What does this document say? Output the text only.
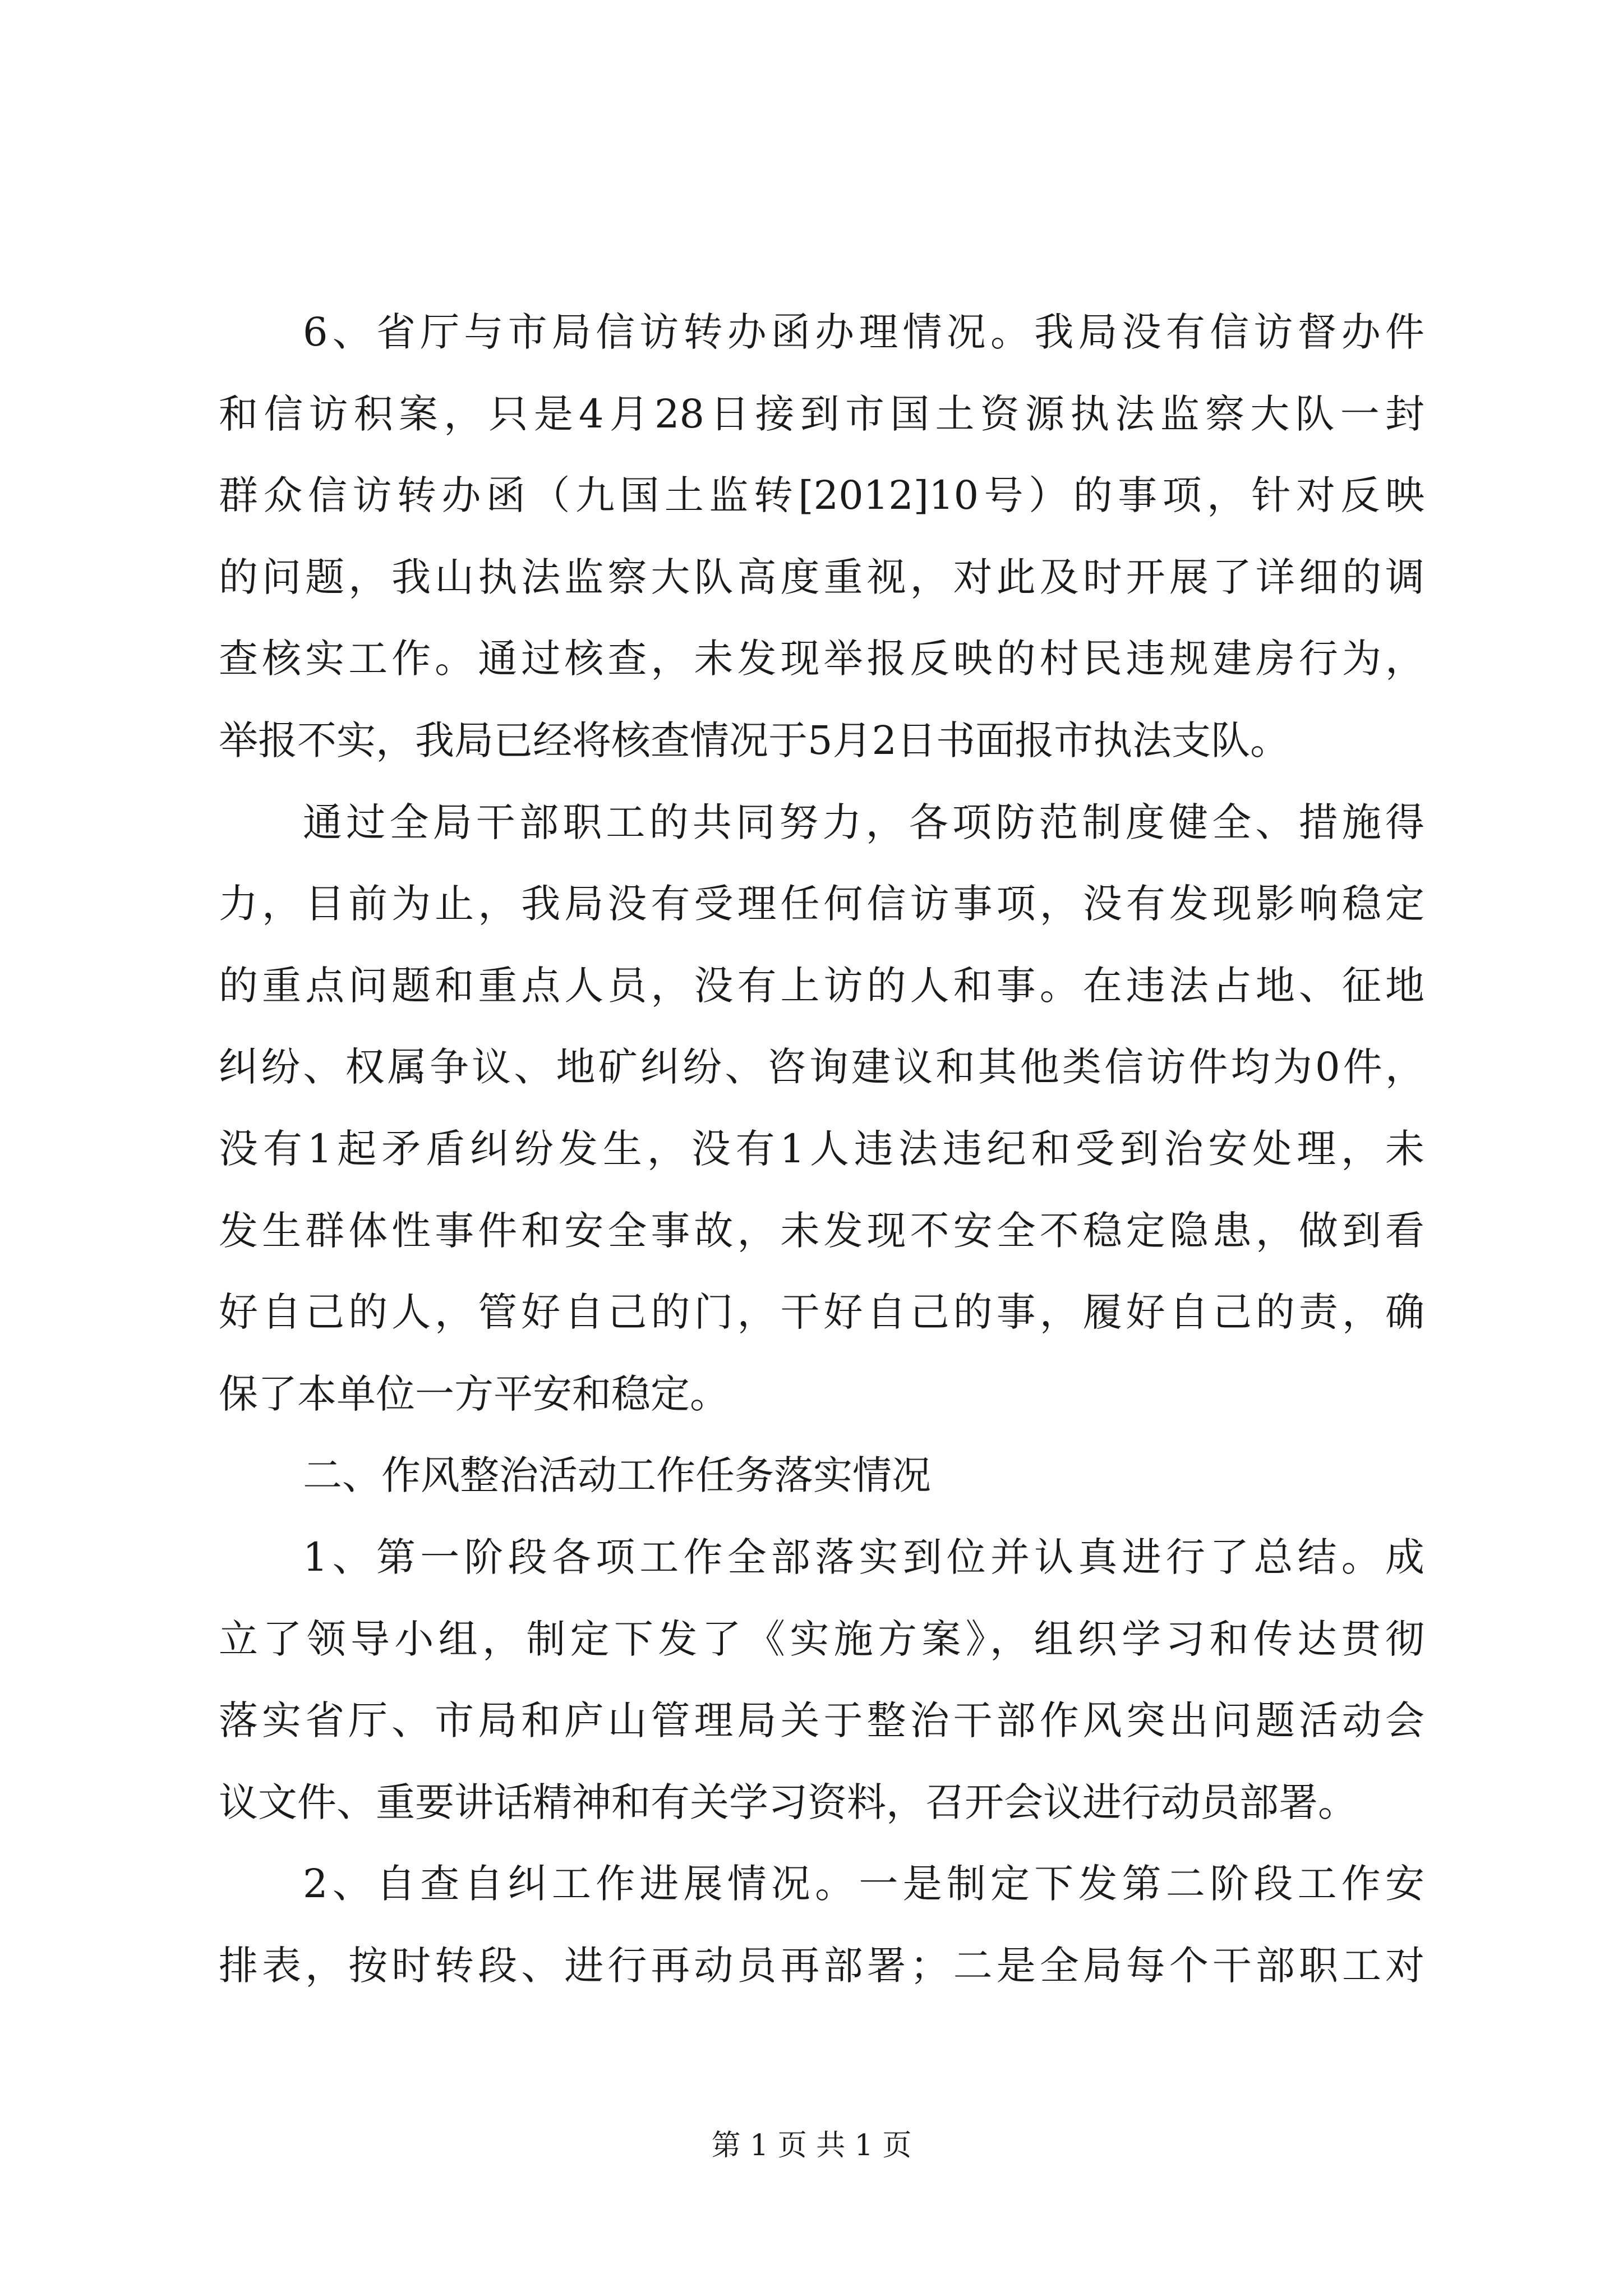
6、省厅与市局信访转办函办理情况。我局没有信访督办件
和信访积案，只是4月28日接到市国土资源执法监察大队一封
群众信访转办函（九国土监转[2012]10号）的事项，针对反映
的问题，我山执法监察大队高度重视，对此及时开展了详细的调
查核实工作。通过核查，未发现举报反映的村民违规建房行为，
举报不实，我局已经将核查情况于5月2日书面报市执法支队。
通过全局干部职工的共同努力，各项防范制度健全、措施得
力，目前为止，我局没有受理任何信访事项，没有发现影响稳定
的重点问题和重点人员，没有上访的人和事。在违法占地、征地
纠纷、权属争议、地矿纠纷、咨询建议和其他类信访件均为0件，
没有1起矛盾纠纷发生，没有1人违法违纪和受到治安处理，未
发生群体性事件和安全事故，未发现不安全不稳定隐患，做到看
好自己的人，管好自己的门，干好自己的事，履好自己的责，确
保了本单位一方平安和稳定。
二、作风整治活动工作任务落实情况
1、第一阶段各项工作全部落实到位并认真进行了总结。成
立了领导小组，制定下发了《实施方案》，组织学习和传达贯彻
落实省厅、市局和庐山管理局关于整治干部作风突出问题活动会
议文件、重要讲话精神和有关学习资料，召开会议进行动员部署。
2、自查自纠工作进展情况。一是制定下发第二阶段工作安
排表，按时转段、进行再动员再部署；二是全局每个干部职工对
第 1 页 共 1 页
